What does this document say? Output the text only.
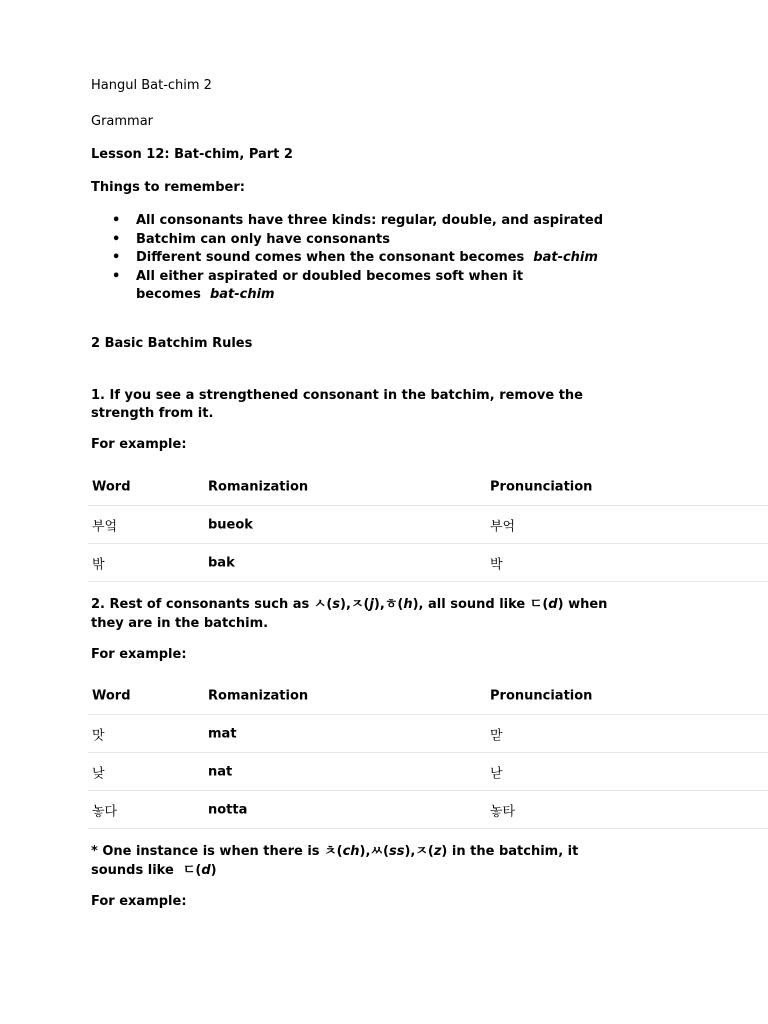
Hangul Bat-chim 2
Grammar
Lesson 12: Bat-chim, Part 2
Things to remember:
• All consonants have three kinds: regular, double, and aspirated
• Batchim can only have consonants
• Different sound comes when the consonant becomes bat-chim
• All either aspirated or doubled becomes soft when it
becomes bat-chim
2 Basic Batchim Rules
1. If you see a strengthened consonant in the batchim, remove the
strength from it.
For example:
Word	Romanization	Pronunciation
부엌	bueok	부억
밖	bak	박
2. Rest of consonants such as ㅅ(s),ㅈ(j),ㅎ(h), all sound like ㄷ(d) when
they are in the batchim.
For example:
Word	Romanization	Pronunciation
맛	mat	맏
낮	nat	낟
놓다	notta	놓타
* One instance is when there is ㅊ(ch),ㅆ(ss),ㅈ(z) in the batchim, it
sounds like ㄷ(d)
For example:
